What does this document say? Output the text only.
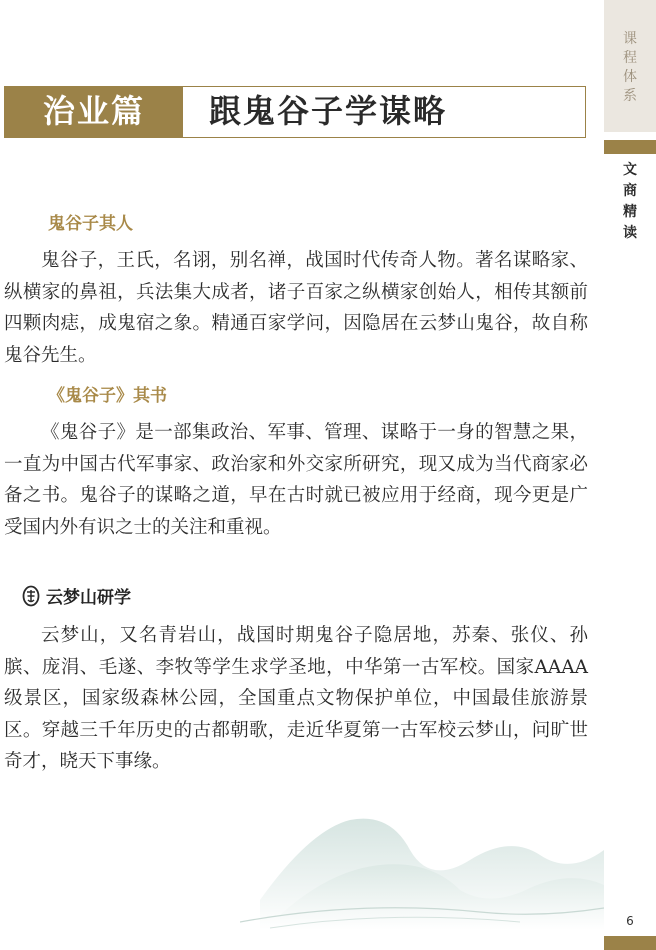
课
程
体
系
文
商
精
读
治业篇	跟鬼谷子学谋略
鬼谷子其人
鬼谷子，王氏，名诩，别名禅，战国时代传奇人物。著名谋略家、纵横家的鼻祖，兵法集大成者，诸子百家之纵横家创始人，相传其额前四颗肉痣，成鬼宿之象。精通百家学问，因隐居在云梦山鬼谷，故自称鬼谷先生。
《鬼谷子》其书
《鬼谷子》是一部集政治、军事、管理、谋略于一身的智慧之果，一直为中国古代军事家、政治家和外交家所研究，现又成为当代商家必备之书。鬼谷子的谋略之道，早在古时就已被应用于经商，现今更是广受国内外有识之士的关注和重视。
云梦山研学
云梦山，又名青岩山，战国时期鬼谷子隐居地，苏秦、张仪、孙膑、庞涓、毛遂、李牧等学生求学圣地，中华第一古军校。国家AAAA级景区，国家级森林公园，全国重点文物保护单位，中国最佳旅游景区。穿越三千年历史的古都朝歌，走近华夏第一古军校云梦山，问旷世奇才，晓天下事缘。
6
